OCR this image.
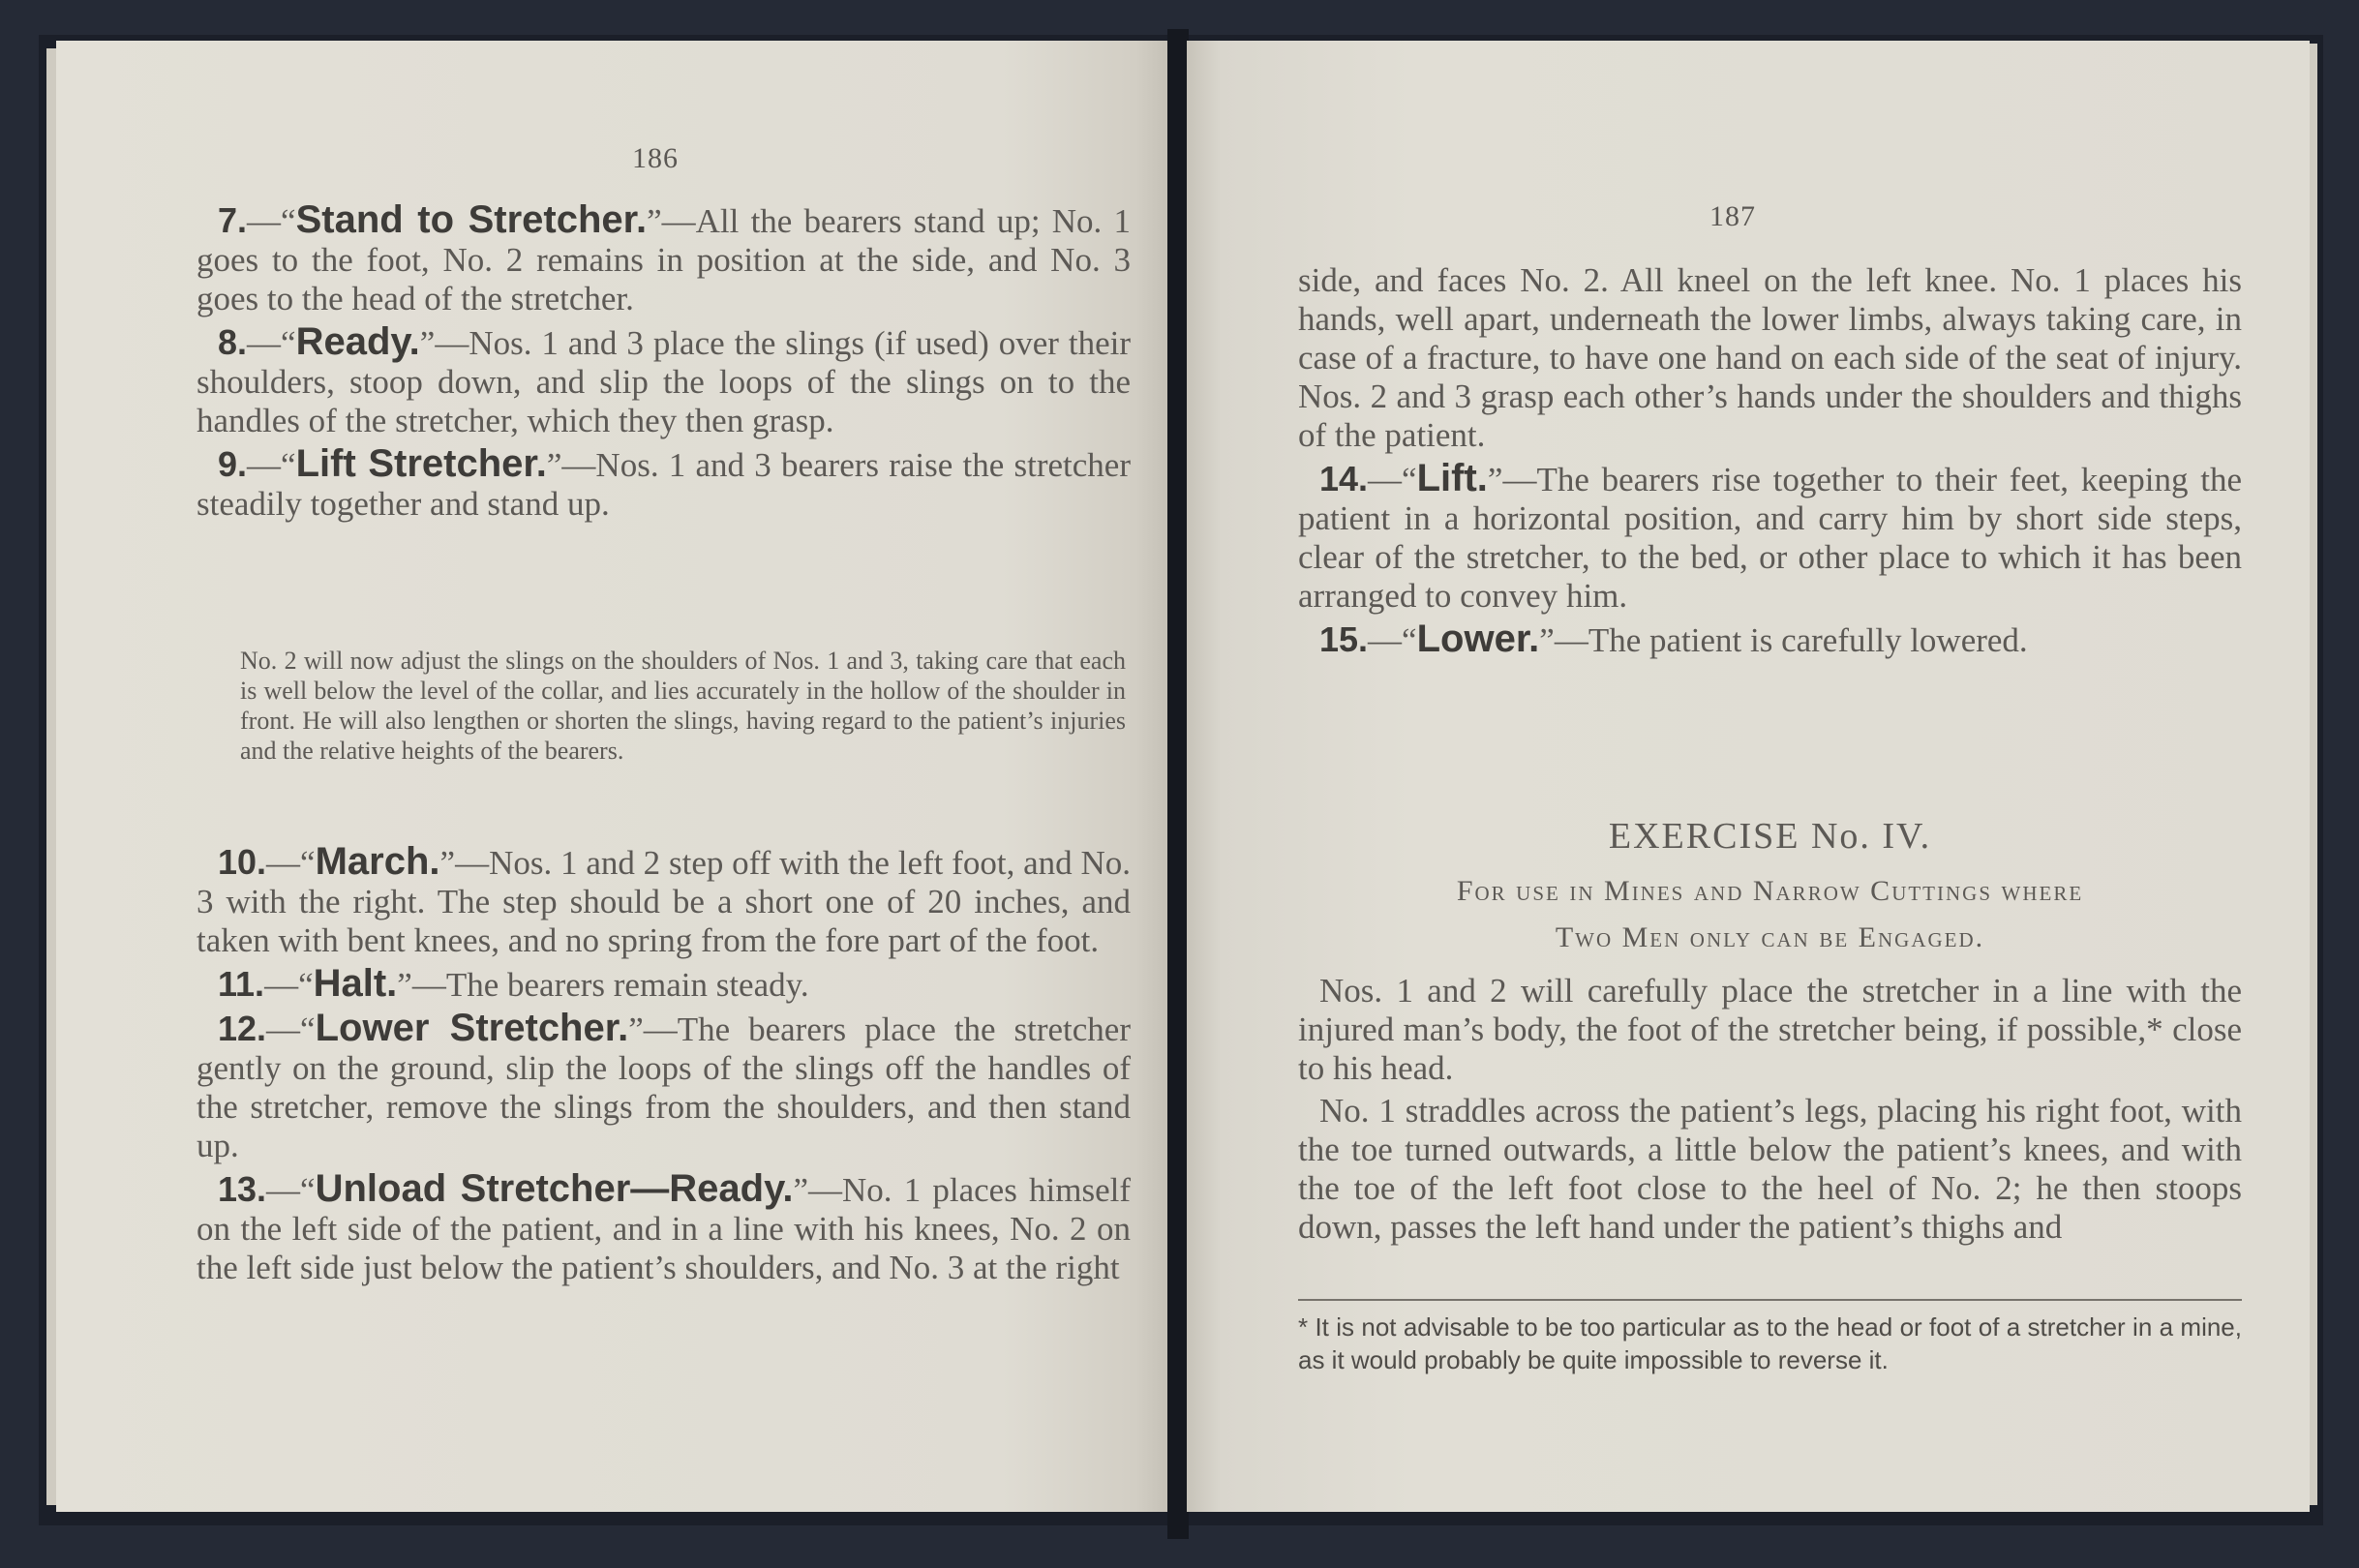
186

7.—“Stand to Stretcher.”—All the bearers stand up; No. 1 goes to the foot, No. 2 remains in position at the side, and No. 3 goes to the head of the stretcher.

8.—“Ready.”—Nos. 1 and 3 place the slings (if used) over their shoulders, stoop down, and slip the loops of the slings on to the handles of the stretcher, which they then grasp.

9.—“Lift Stretcher.”—Nos. 1 and 3 bearers raise the stretcher steadily together and stand up.

No. 2 will now adjust the slings on the shoulders of Nos. 1 and 3, taking care that each is well below the level of the collar, and lies accurately in the hollow of the shoulder in front. He will also lengthen or shorten the slings, having regard to the patient’s injuries and the relative heights of the bearers.

10.—“March.”—Nos. 1 and 2 step off with the left foot, and No. 3 with the right. The step should be a short one of 20 inches, and taken with bent knees, and no spring from the fore part of the foot.

11.—“Halt.”—The bearers remain steady.

12.—“Lower Stretcher.”—The bearers place the stretcher gently on the ground, slip the loops of the slings off the handles of the stretcher, remove the slings from the shoulders, and then stand up.

13.—“Unload Stretcher—Ready.”—No. 1 places himself on the left side of the patient, and in a line with his knees, No. 2 on the left side just below the patient’s shoulders, and No. 3 at the right

187

side, and faces No. 2. All kneel on the left knee. No. 1 places his hands, well apart, underneath the lower limbs, always taking care, in case of a fracture, to have one hand on each side of the seat of injury. Nos. 2 and 3 grasp each other’s hands under the shoulders and thighs of the patient.

14.—“Lift.”—The bearers rise together to their feet, keeping the patient in a horizontal position, and carry him by short side steps, clear of the stretcher, to the bed, or other place to which it has been arranged to convey him.

15.—“Lower.”—The patient is carefully lowered.

EXERCISE No. IV.
For use in Mines and Narrow Cuttings where
Two Men only can be Engaged.

Nos. 1 and 2 will carefully place the stretcher in a line with the injured man’s body, the foot of the stretcher being, if possible,* close to his head.

No. 1 straddles across the patient’s legs, placing his right foot, with the toe turned outwards, a little below the patient’s knees, and with the toe of the left foot close to the heel of No. 2; he then stoops down, passes the left hand under the patient’s thighs and

* It is not advisable to be too particular as to the head or foot of a stretcher in a mine, as it would probably be quite impossible to reverse it.
